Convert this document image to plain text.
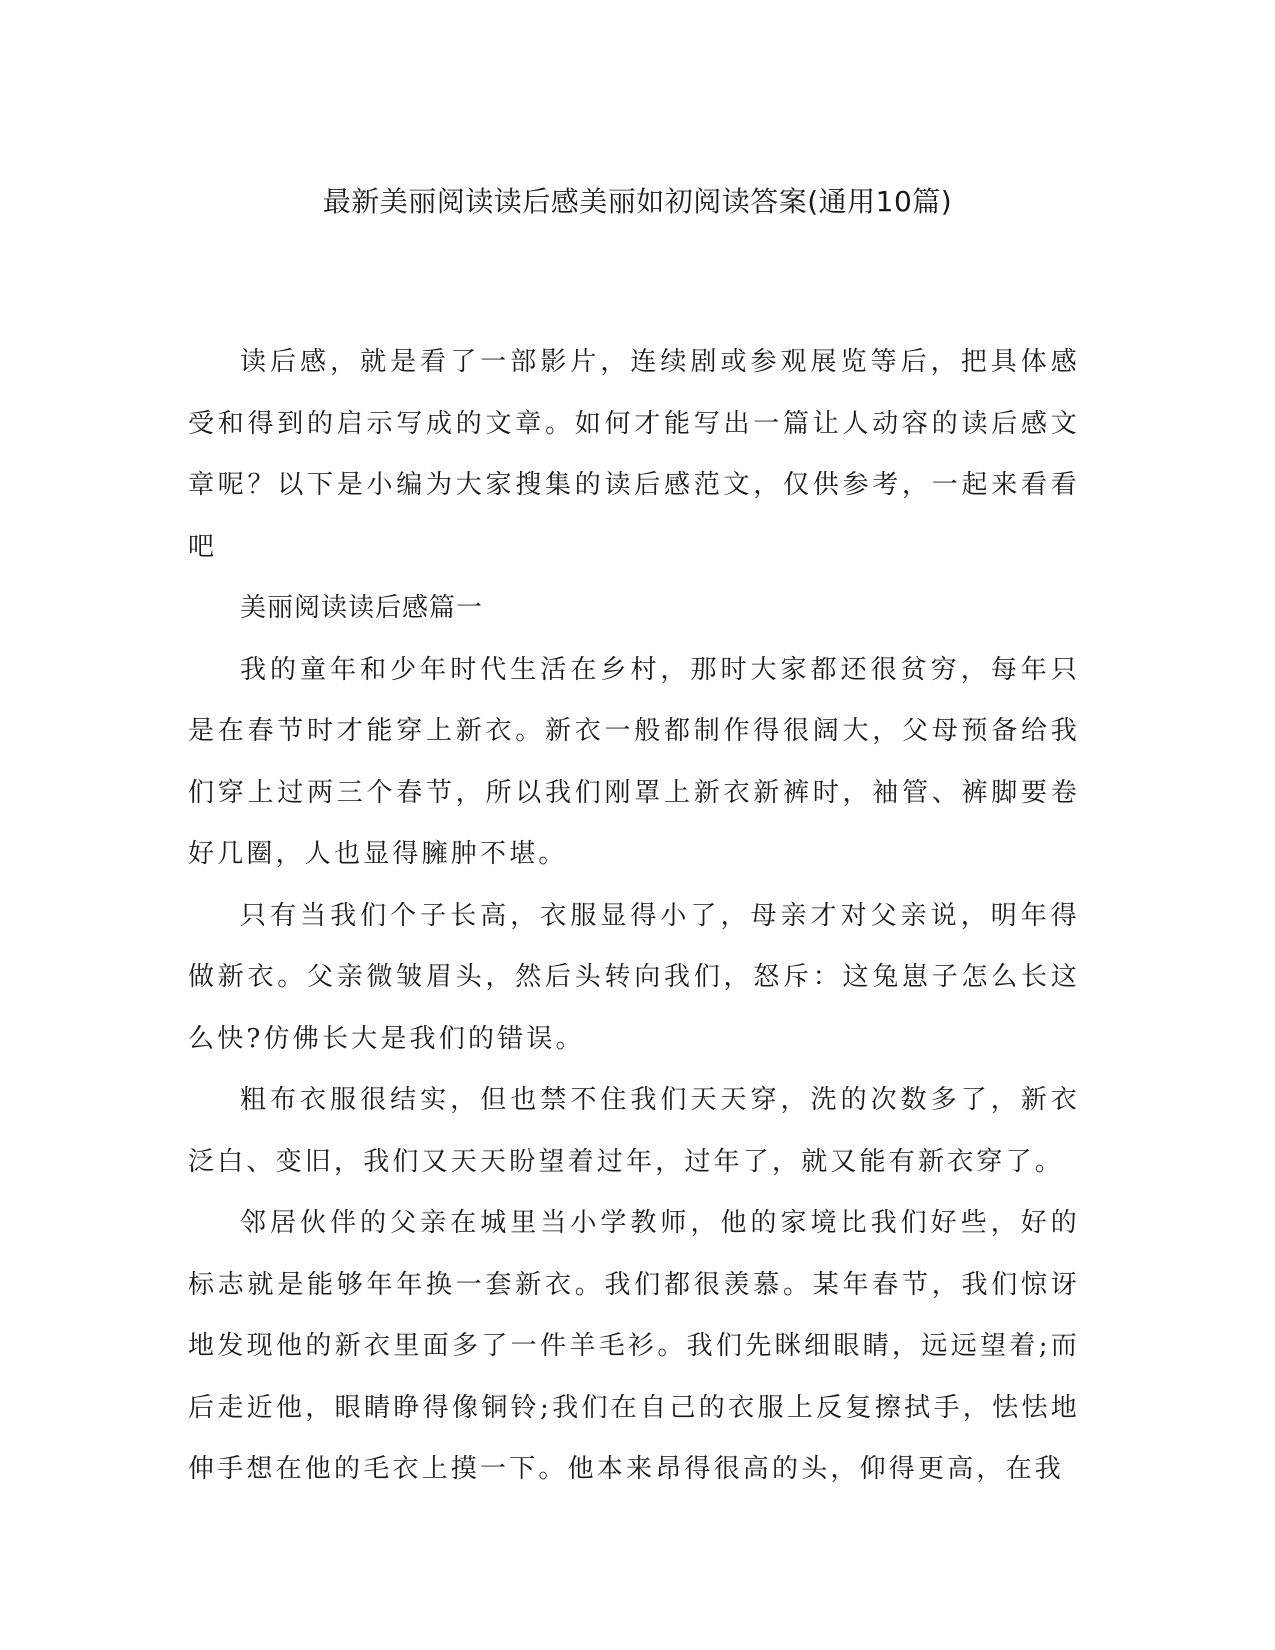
最新美丽阅读读后感美丽如初阅读答案(通用10篇)

读后感，就是看了一部影片，连续剧或参观展览等后，把具体感受和得到的启示写成的文章。如何才能写出一篇让人动容的读后感文章呢？以下是小编为大家搜集的读后感范文，仅供参考，一起来看看吧

美丽阅读读后感篇一

我的童年和少年时代生活在乡村，那时大家都还很贫穷，每年只是在春节时才能穿上新衣。新衣一般都制作得很阔大，父母预备给我们穿上过两三个春节，所以我们刚罩上新衣新裤时，袖管、裤脚要卷好几圈，人也显得臃肿不堪。

只有当我们个子长高，衣服显得小了，母亲才对父亲说，明年得做新衣。父亲微皱眉头，然后头转向我们，怒斥：这兔崽子怎么长这么快?仿佛长大是我们的错误。

粗布衣服很结实，但也禁不住我们天天穿，洗的次数多了，新衣泛白、变旧，我们又天天盼望着过年，过年了，就又能有新衣穿了。

邻居伙伴的父亲在城里当小学教师，他的家境比我们好些，好的标志就是能够年年换一套新衣。我们都很羡慕。某年春节，我们惊讶地发现他的新衣里面多了一件羊毛衫。我们先眯细眼睛，远远望着;而后走近他，眼睛睁得像铜铃;我们在自己的衣服上反复擦拭手，怯怯地伸手想在他的毛衣上摸一下。他本来昂得很高的头，仰得更高，在我
